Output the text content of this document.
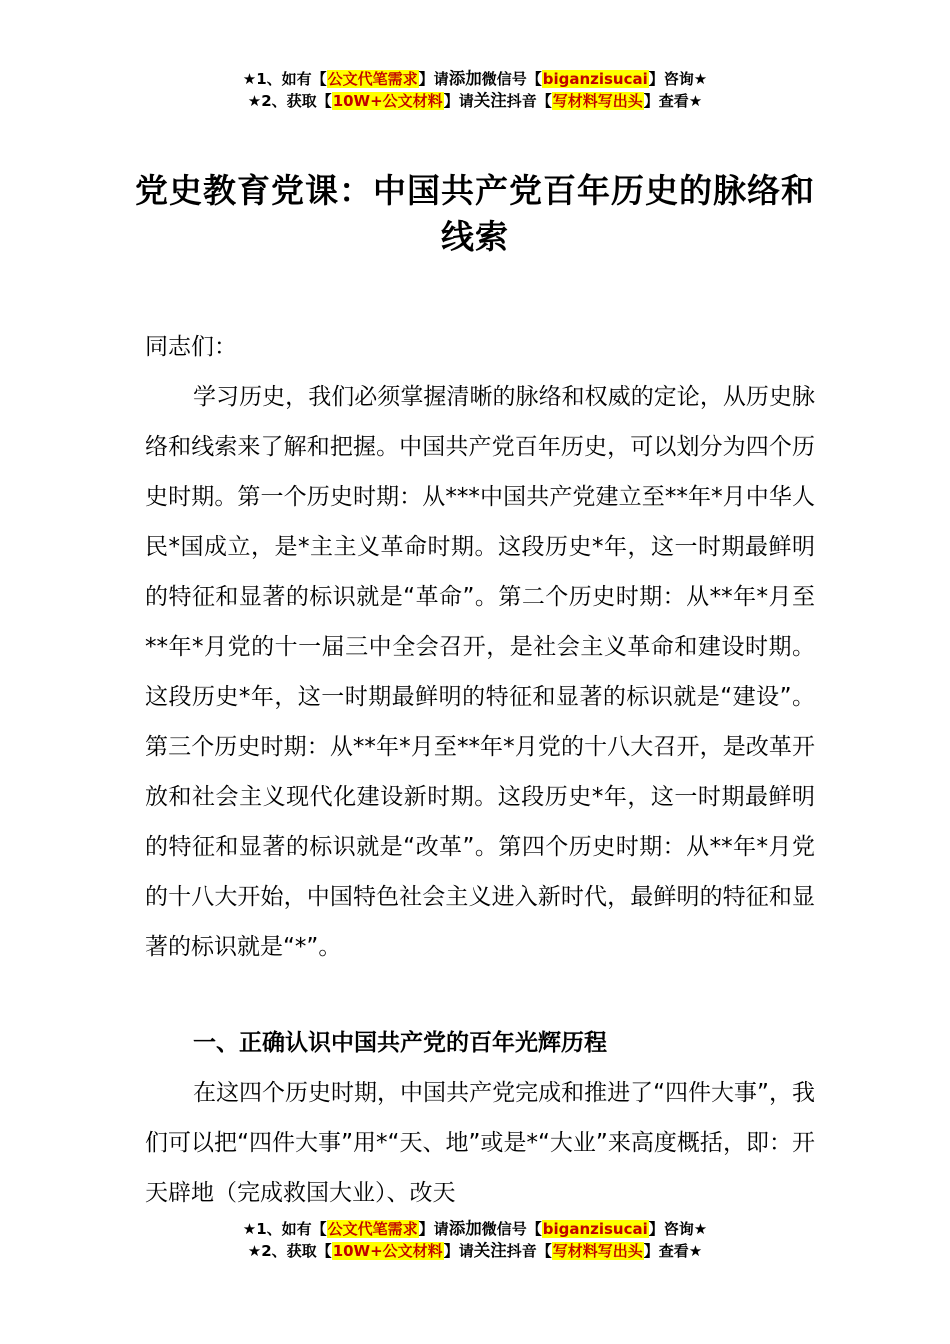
★1、如有【公文代笔需求】请添加微信号【biganzisucai】咨询★
★2、获取【10W+公文材料】请关注抖音【写材料写出头】查看★
党史教育党课：中国共产党百年历史的脉络和线索
同志们：
学习历史，我们必须掌握清晰的脉络和权威的定论，从历史脉络和线索来了解和把握。中国共产党百年历史，可以划分为四个历史时期。第一个历史时期：从***中国共产党建立至**年*月中华人民*国成立，是*主主义革命时期。这段历史*年，这一时期最鲜明的特征和显著的标识就是“革命”。第二个历史时期：从**年*月至**年*月党的十一届三中全会召开，是社会主义革命和建设时期。这段历史*年，这一时期最鲜明的特征和显著的标识就是“建设”。第三个历史时期：从**年*月至**年*月党的十八大召开，是改革开放和社会主义现代化建设新时期。这段历史*年，这一时期最鲜明的特征和显著的标识就是“改革”。第四个历史时期：从**年*月党的十八大开始，中国特色社会主义进入新时代，最鲜明的特征和显著的标识就是“*”。
一、正确认识中国共产党的百年光辉历程
在这四个历史时期，中国共产党完成和推进了“四件大事”，我们可以把“四件大事”用*“天、地”或是*“大业”来高度概括，即：开天辟地（完成救国大业）、改天
★1、如有【公文代笔需求】请添加微信号【biganzisucai】咨询★
★2、获取【10W+公文材料】请关注抖音【写材料写出头】查看★
